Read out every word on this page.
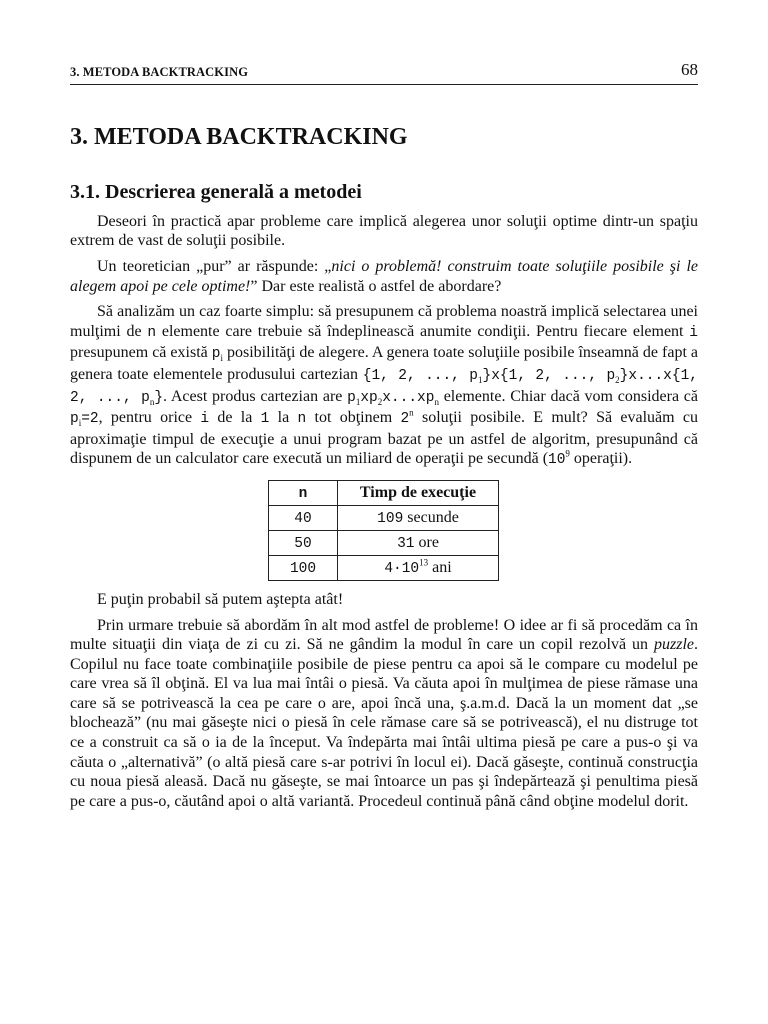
3. METODA BACKTRACKING	68
3. METODA BACKTRACKING
3.1. Descrierea generală a metodei

Deseori în practică apar probleme care implică alegerea unor soluţii optime dintr-un spaţiu extrem de vast de soluţii posibile.

Un teoretician „pur” ar răspunde: „nici o problemă! construim toate soluţiile posibile şi le alegem apoi pe cele optime!” Dar este realistă o astfel de abordare?

Să analizăm un caz foarte simplu: să presupunem că problema noastră implică selectarea unei mulţimi de n elemente care trebuie să îndeplinească anumite condiţii. Pentru fiecare element i presupunem că există $p_i$ posibilităţi de alegere. A genera toate soluţiile posibile înseamnă de fapt a genera toate elementele produsului cartezian {1, 2, ..., $p_1\}x\{1$, 2, ..., $p_2\}x...x\{1$, 2, ..., $p_n$}. Acest produs cartezian are $p_1xp_2x...xp_n$ elemente. Chiar dacă vom considera că $p_i=2$, pentru orice i de la 1 la n tot obţinem 2$^n$ soluţii posibile. E mult? Să evaluăm cu aproximaţie timpul de execuţie a unui program bazat pe un astfel de algoritm, presupunând că dispunem de un calculator care execută un miliard de operaţii pe secundă ($10^9$ operaţii).

n	Timp de execuţie
40	109 secunde
50	31 ore
100	$4\cdot 10^{13}$ ani

E puţin probabil să putem aştepta atât!

Prin urmare trebuie să abordăm în alt mod astfel de probleme! O idee ar fi să procedăm ca în multe situaţii din viaţa de zi cu zi. Să ne gândim la modul în care un copil rezolvă un puzzle. Copilul nu face toate combinaţiile posibile de piese pentru ca apoi să le compare cu modelul pe care vrea să îl obţină. El va lua mai întâi o piesă. Va căuta apoi în mulţimea de piese rămase una care să se potrivească la cea pe care o are, apoi încă una, ş.a.m.d. Dacă la un moment dat „se blochează” (nu mai găseşte nici o piesă în cele rămase care să se potrivească), el nu distruge tot ce a construit ca să o ia de la început. Va îndepărta mai întâi ultima piesă pe care a pus-o şi va căuta o „alternativă” (o altă piesă care s-ar potrivi în locul ei). Dacă găseşte, continuă construcţia cu noua piesă aleasă. Dacă nu găseşte, se mai întoarce un pas şi îndepărtează şi penultima piesă pe care a pus-o, căutând apoi o altă variantă. Procedeul continuă până când obţine modelul dorit.
